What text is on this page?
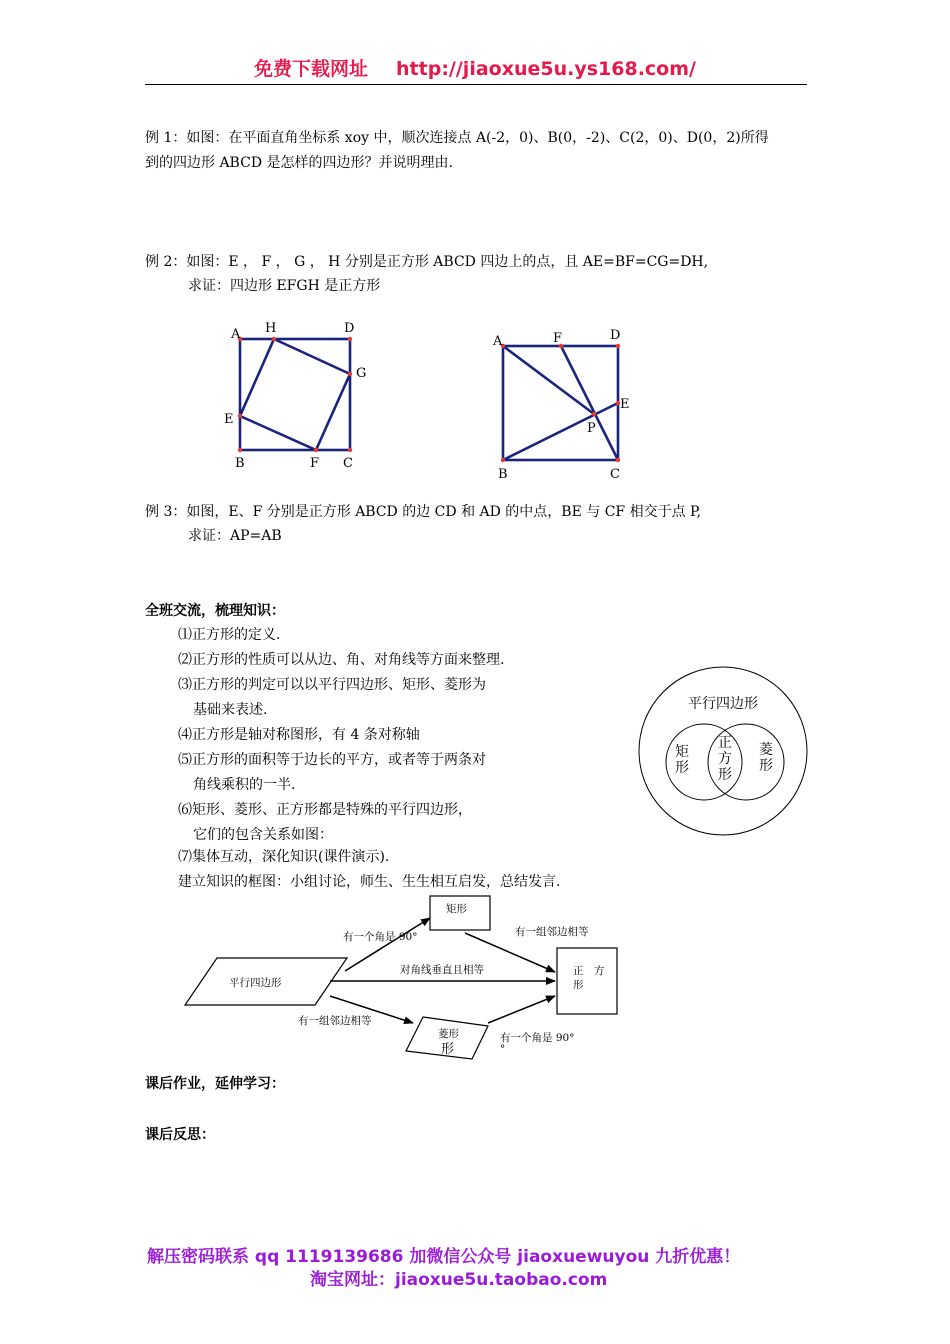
免费下载网址 http://jiaoxue5u.ys168.com/
例 1：如图：在平面直角坐标系 xoy 中，顺次连接点 A(-2，0)、B(0，-2)、C(2，0)、D(0，2)所得
到的四边形 ABCD 是怎样的四边形？并说明理由.
例 2：如图：E ， F ， G ， H 分别是正方形 ABCD 四边上的点，且 AE=BF=CG=DH,
求证：四边形 EFGH 是正方形
A H	D
G
E
B	F C
A	F	D
E
P
B	C
例 3：如图，E、F 分别是正方形 ABCD 的边 CD 和 AD 的中点，BE 与 CF 相交于点 P,
求证：AP=AB
全班交流，梳理知识：
⑴正方形的定义.
⑵正方形的性质可以从边、角、对角线等方面来整理.
⑶正方形的判定可以以平行四边形、矩形、菱形为
基础来表述.
⑷正方形是轴对称图形，有 4 条对称轴
⑸正方形的面积等于边长的平方，或者等于两条对
角线乘积的一半.
⑹矩形、菱形、正方形都是特殊的平行四边形，
它们的包含关系如图：
⑺集体互动，深化知识(课件演示).
建立知识的框图：小组讨论，师生、生生相互启发，总结发言.
平行四边形
矩
形
正
方
形
菱
形
平行四边形
矩形
正　方
形
菱形
形
有一个角是 90°	有一组邻边相等
对角线垂直且相等
有一组邻边相等
有一个角是 90°
°
课后作业，延伸学习：
课后反思：
解压密码联系 qq 1119139686 加微信公众号 jiaoxuewuyou 九折优惠！
淘宝网址：jiaoxue5u.taobao.com
